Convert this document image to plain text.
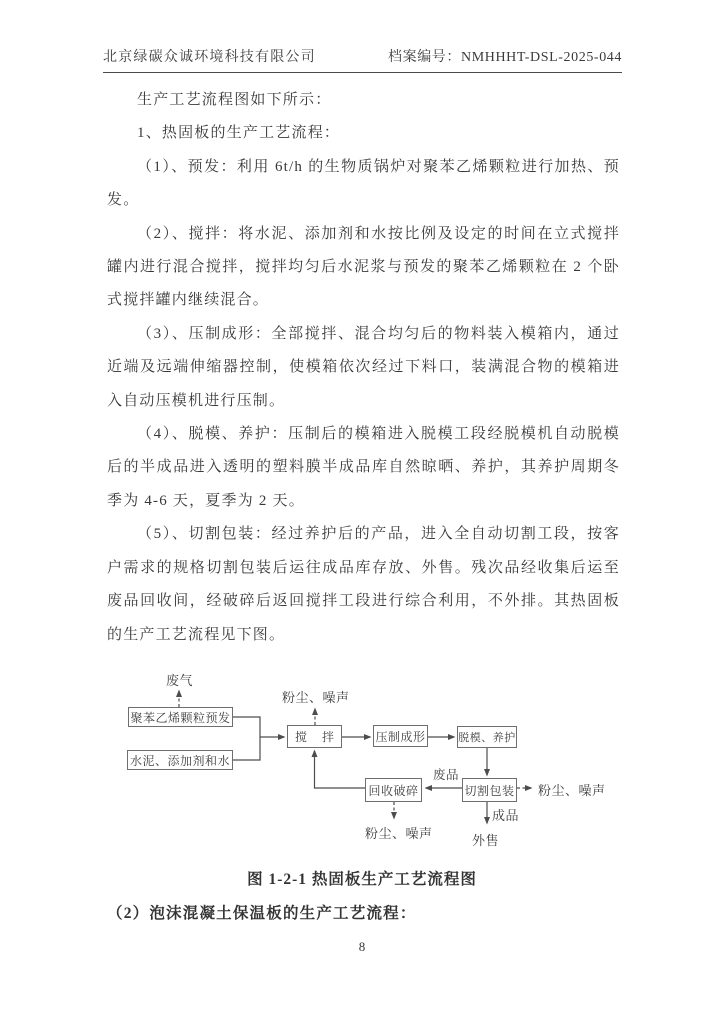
北京绿碳众诚环境科技有限公司	档案编号：NMHHHT-DSL-2025-044

生产工艺流程图如下所示：

1、热固板的生产工艺流程：

（1）、预发：利用 6t/h 的生物质锅炉对聚苯乙烯颗粒进行加热、预发。

（2）、搅拌：将水泥、添加剂和水按比例及设定的时间在立式搅拌罐内进行混合搅拌，搅拌均匀后水泥浆与预发的聚苯乙烯颗粒在 2 个卧式搅拌罐内继续混合。

（3）、压制成形：全部搅拌、混合均匀后的物料装入模箱内，通过近端及远端伸缩器控制，使模箱依次经过下料口，装满混合物的模箱进入自动压模机进行压制。

（4）、脱模、养护：压制后的模箱进入脱模工段经脱模机自动脱模后的半成品进入透明的塑料膜半成品库自然晾晒、养护，其养护周期冬季为 4-6 天，夏季为 2 天。

（5）、切割包装：经过养护后的产品，进入全自动切割工段，按客户需求的规格切割包装后运往成品库存放、外售。残次品经收集后运至废品回收间，经破碎后返回搅拌工段进行综合利用，不外排。其热固板的生产工艺流程见下图。

聚苯乙烯颗粒预发
水泥、添加剂和水
搅 拌	压制成形	脱模、养护
回收破碎	切割包装
废气
粉尘、噪声
废品
粉尘、噪声
成品
外售
粉尘、噪声
图 1-2-1 热固板生产工艺流程图
（2）泡沫混凝土保温板的生产工艺流程：
8
